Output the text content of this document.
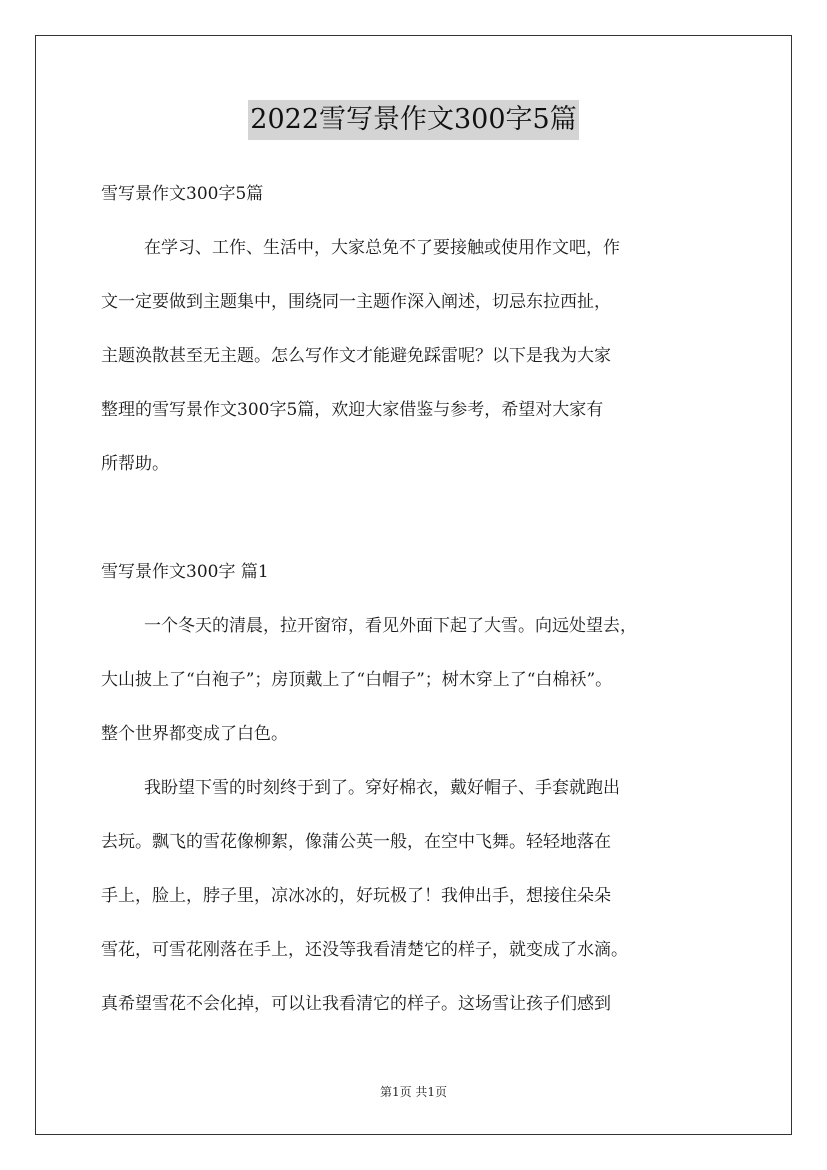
2022雪写景作文300字5篇
雪写景作文300字5篇
在学习、工作、生活中，大家总免不了要接触或使用作文吧，作
文一定要做到主题集中，围绕同一主题作深入阐述，切忌东拉西扯，
主题涣散甚至无主题。怎么写作文才能避免踩雷呢？以下是我为大家
整理的雪写景作文300字5篇，欢迎大家借鉴与参考，希望对大家有
所帮助。
雪写景作文300字 篇1
一个冬天的清晨，拉开窗帘，看见外面下起了大雪。向远处望去，
大山披上了“白袍子”；房顶戴上了“白帽子”；树木穿上了“白棉袄”。
整个世界都变成了白色。
我盼望下雪的时刻终于到了。穿好棉衣，戴好帽子、手套就跑出
去玩。飘飞的雪花像柳絮，像蒲公英一般，在空中飞舞。轻轻地落在
手上，脸上，脖子里，凉冰冰的，好玩极了！我伸出手，想接住朵朵
雪花，可雪花刚落在手上，还没等我看清楚它的样子，就变成了水滴。
真希望雪花不会化掉，可以让我看清它的样子。这场雪让孩子们感到
第1页 共1页
